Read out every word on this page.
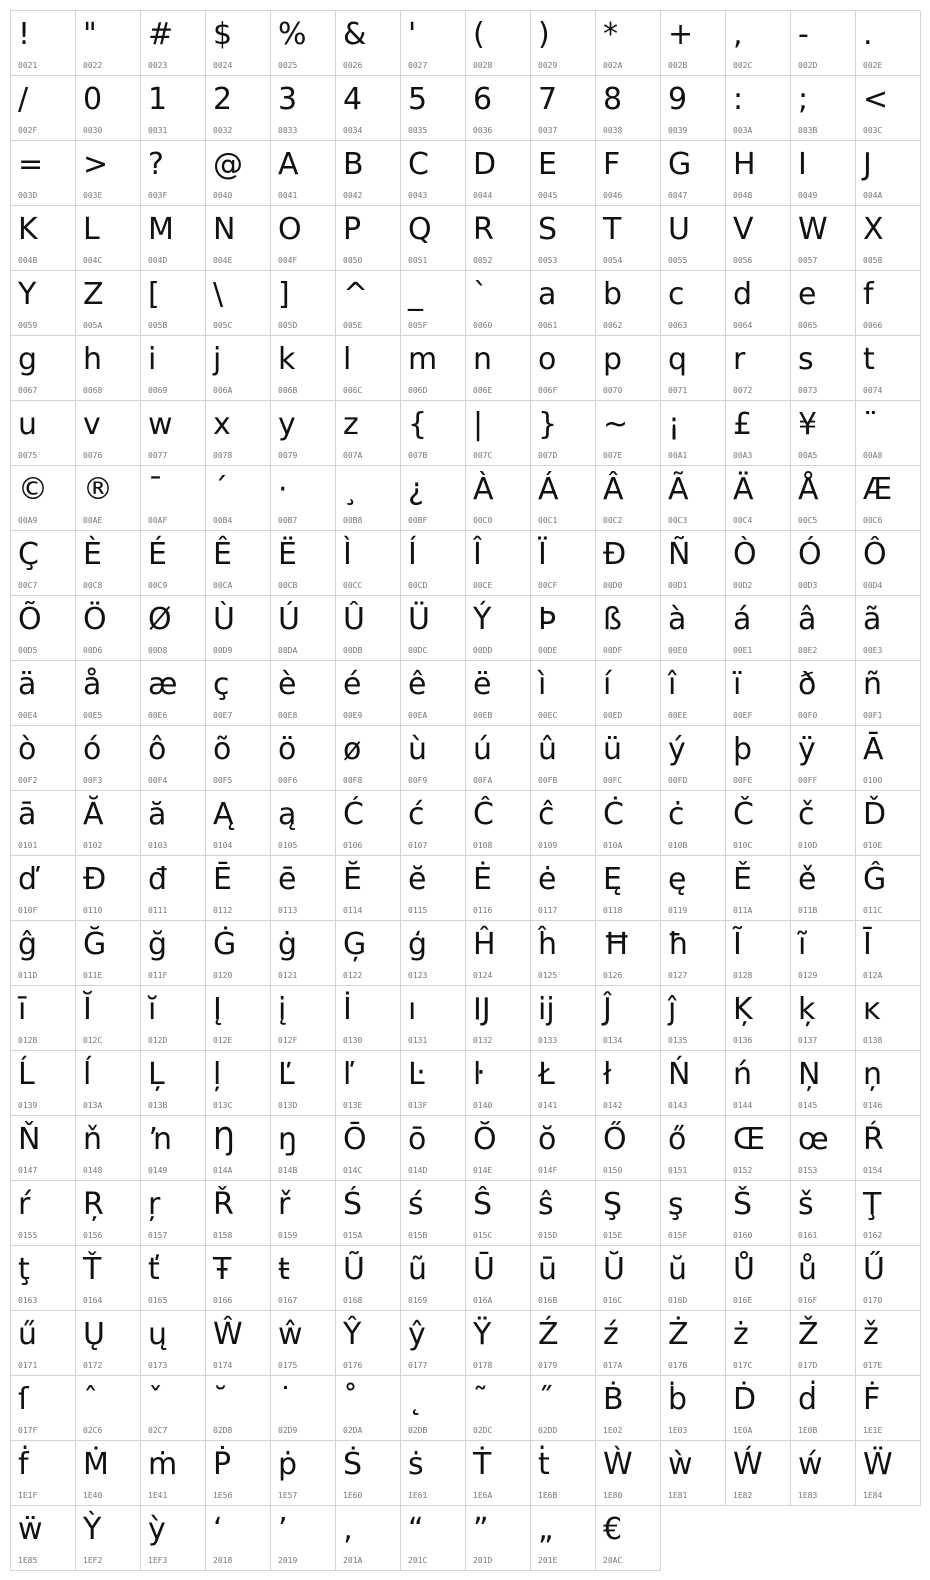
!
0021
"
0022
#
0023
$
0024
%
0025
&
0026
'
0027
(
0028
)
0029
*
002A
+
002B
,
002C
-
002D
.
002E
/
002F
0
0030
1
0031
2
0032
3
0033
4
0034
5
0035
6
0036
7
0037
8
0038
9
0039
:
003A
;
003B
<
003C
=
003D
>
003E
?
003F
@
0040
A
0041
B
0042
C
0043
D
0044
E
0045
F
0046
G
0047
H
0048
I
0049
J
004A
K
004B
L
004C
M
004D
N
004E
O
004F
P
0050
Q
0051
R
0052
S
0053
T
0054
U
0055
V
0056
W
0057
X
0058
Y
0059
Z
005A
[
005B
\
005C
]
005D
^
005E
_
005F
`
0060
a
0061
b
0062
c
0063
d
0064
e
0065
f
0066
g
0067
h
0068
i
0069
j
006A
k
006B
l
006C
m
006D
n
006E
o
006F
p
0070
q
0071
r
0072
s
0073
t
0074
u
0075
v
0076
w
0077
x
0078
y
0079
z
007A
{
007B
|
007C
}
007D
~
007E
¡
00A1
£
00A3
¥
00A5
¨
00A8
©
00A9
®
00AE
¯
00AF
´
00B4
·
00B7
¸
00B8
¿
00BF
À
00C0
Á
00C1
Â
00C2
Ã
00C3
Ä
00C4
Å
00C5
Æ
00C6
Ç
00C7
È
00C8
É
00C9
Ê
00CA
Ë
00CB
Ì
00CC
Í
00CD
Î
00CE
Ï
00CF
Ð
00D0
Ñ
00D1
Ò
00D2
Ó
00D3
Ô
00D4
Õ
00D5
Ö
00D6
Ø
00D8
Ù
00D9
Ú
00DA
Û
00DB
Ü
00DC
Ý
00DD
Þ
00DE
ß
00DF
à
00E0
á
00E1
â
00E2
ã
00E3
ä
00E4
å
00E5
æ
00E6
ç
00E7
è
00E8
é
00E9
ê
00EA
ë
00EB
ì
00EC
í
00ED
î
00EE
ï
00EF
ð
00F0
ñ
00F1
ò
00F2
ó
00F3
ô
00F4
õ
00F5
ö
00F6
ø
00F8
ù
00F9
ú
00FA
û
00FB
ü
00FC
ý
00FD
þ
00FE
ÿ
00FF
Ā
0100
ā
0101
Ă
0102
ă
0103
Ą
0104
ą
0105
Ć
0106
ć
0107
Ĉ
0108
ĉ
0109
Ċ
010A
ċ
010B
Č
010C
č
010D
Ď
010E
ď
010F
Đ
0110
đ
0111
Ē
0112
ē
0113
Ĕ
0114
ĕ
0115
Ė
0116
ė
0117
Ę
0118
ę
0119
Ě
011A
ě
011B
Ĝ
011C
ĝ
011D
Ğ
011E
ğ
011F
Ġ
0120
ġ
0121
Ģ
0122
ģ
0123
Ĥ
0124
ĥ
0125
Ħ
0126
ħ
0127
Ĩ
0128
ĩ
0129
Ī
012A
ī
012B
Ĭ
012C
ĭ
012D
Į
012E
į
012F
İ
0130
ı
0131
Ĳ
0132
ĳ
0133
Ĵ
0134
ĵ
0135
Ķ
0136
ķ
0137
ĸ
0138
Ĺ
0139
ĺ
013A
Ļ
013B
ļ
013C
Ľ
013D
ľ
013E
Ŀ
013F
ŀ
0140
Ł
0141
ł
0142
Ń
0143
ń
0144
Ņ
0145
ņ
0146
Ň
0147
ň
0148
ŉ
0149
Ŋ
014A
ŋ
014B
Ō
014C
ō
014D
Ŏ
014E
ŏ
014F
Ő
0150
ő
0151
Œ
0152
œ
0153
Ŕ
0154
ŕ
0155
Ŗ
0156
ŗ
0157
Ř
0158
ř
0159
Ś
015A
ś
015B
Ŝ
015C
ŝ
015D
Ş
015E
ş
015F
Š
0160
š
0161
Ţ
0162
ţ
0163
Ť
0164
ť
0165
Ŧ
0166
ŧ
0167
Ũ
0168
ũ
0169
Ū
016A
ū
016B
Ŭ
016C
ŭ
016D
Ů
016E
ů
016F
Ű
0170
ű
0171
Ų
0172
ų
0173
Ŵ
0174
ŵ
0175
Ŷ
0176
ŷ
0177
Ÿ
0178
Ź
0179
ź
017A
Ż
017B
ż
017C
Ž
017D
ž
017E
ſ
017F
ˆ
02C6
ˇ
02C7
˘
02D8
˙
02D9
˚
02DA
˛
02DB
˜
02DC
˝
02DD
Ḃ
1E02
ḃ
1E03
Ḋ
1E0A
ḋ
1E0B
Ḟ
1E1E
ḟ
1E1F
Ṁ
1E40
ṁ
1E41
Ṗ
1E56
ṗ
1E57
Ṡ
1E60
ṡ
1E61
Ṫ
1E6A
ṫ
1E6B
Ẁ
1E80
ẁ
1E81
Ẃ
1E82
ẃ
1E83
Ẅ
1E84
ẅ
1E85
Ỳ
1EF2
ỳ
1EF3
‘
2018
’
2019
‚
201A
“
201C
”
201D
„
201E
€
20AC
